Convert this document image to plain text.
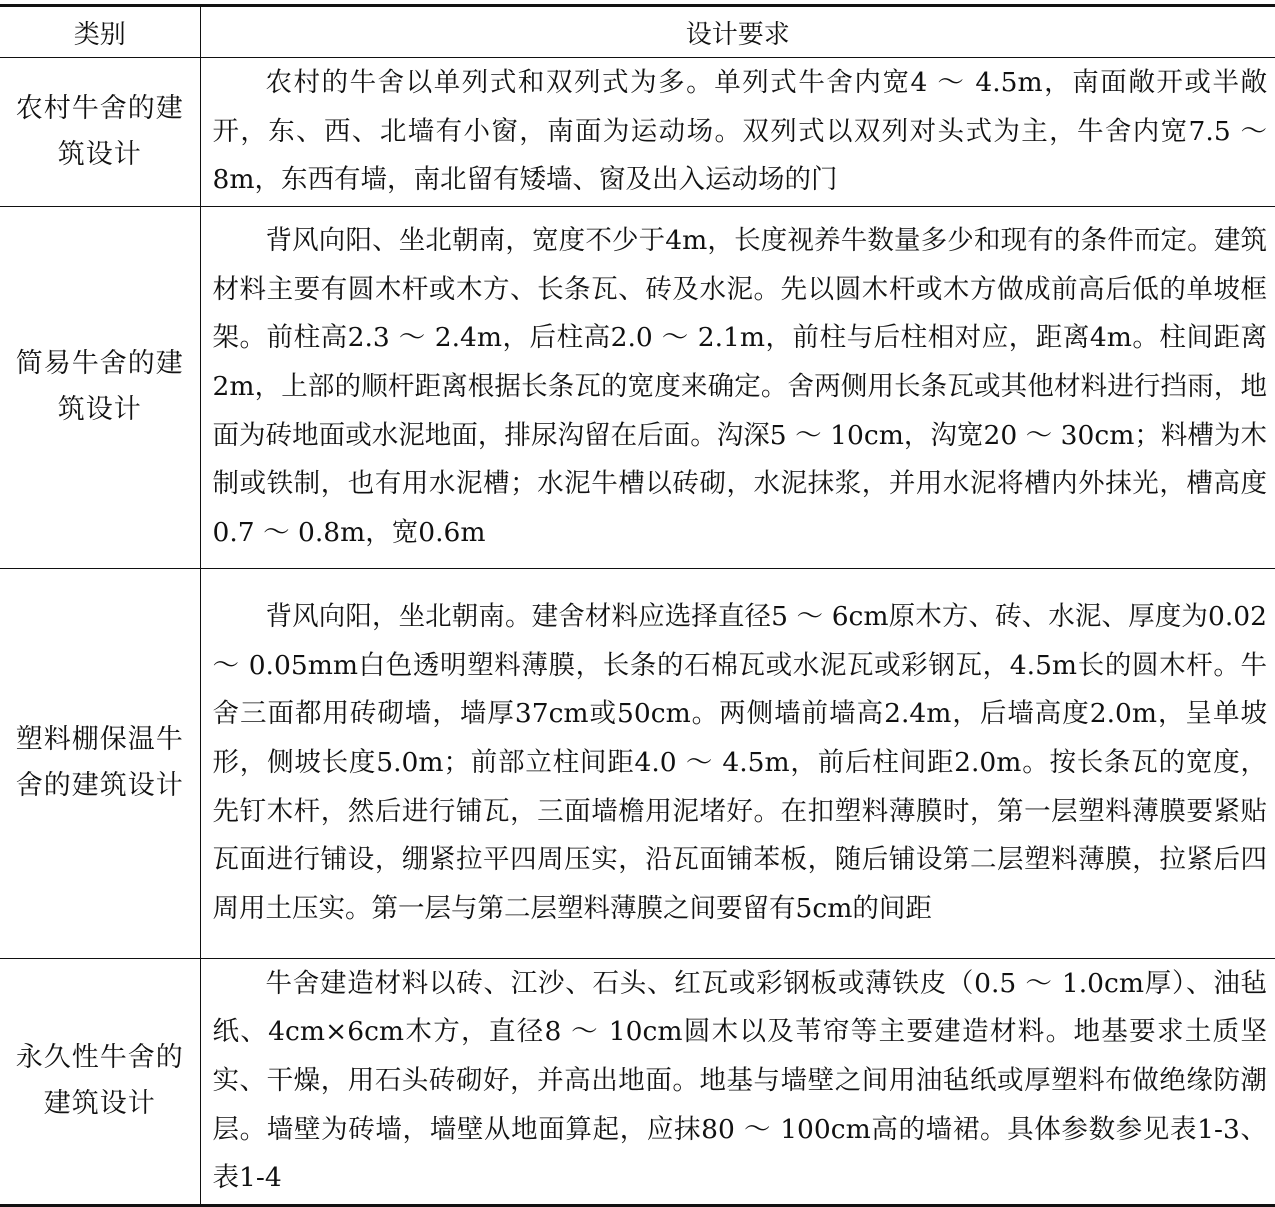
类别	设计要求
农村牛舍的建筑设计	农村的牛舍以单列式和双列式为多。单列式牛舍内宽4 ～ 4.5m，南面敞开或半敞开，东、西、北墙有小窗，南面为运动场。双列式以双列对头式为主，牛舍内宽7.5 ～ 8m，东西有墙，南北留有矮墙、窗及出入运动场的门
简易牛舍的建筑设计	背风向阳、坐北朝南，宽度不少于4m，长度视养牛数量多少和现有的条件而定。建筑材料主要有圆木杆或木方、长条瓦、砖及水泥。先以圆木杆或木方做成前高后低的单坡框架。前柱高2.3 ～ 2.4m，后柱高2.0 ～ 2.1m，前柱与后柱相对应，距离4m。柱间距离2m，上部的顺杆距离根据长条瓦的宽度来确定。舍两侧用长条瓦或其他材料进行挡雨，地面为砖地面或水泥地面，排尿沟留在后面。沟深5 ～ 10cm，沟宽20 ～ 30cm；料槽为木制或铁制，也有用水泥槽；水泥牛槽以砖砌，水泥抹浆，并用水泥将槽内外抹光，槽高度0.7 ～ 0.8m，宽0.6m
塑料棚保温牛舍的建筑设计	背风向阳，坐北朝南。建舍材料应选择直径5 ～ 6cm原木方、砖、水泥、厚度为0.02 ～ 0.05mm白色透明塑料薄膜，长条的石棉瓦或水泥瓦或彩钢瓦，4.5m长的圆木杆。牛舍三面都用砖砌墙，墙厚37cm或50cm。两侧墙前墙高2.4m，后墙高度2.0m，呈单坡形，侧坡长度5.0m；前部立柱间距4.0 ～ 4.5m，前后柱间距2.0m。按长条瓦的宽度，先钉木杆，然后进行铺瓦，三面墙檐用泥堵好。在扣塑料薄膜时，第一层塑料薄膜要紧贴瓦面进行铺设，绷紧拉平四周压实，沿瓦面铺苯板，随后铺设第二层塑料薄膜，拉紧后四周用土压实。第一层与第二层塑料薄膜之间要留有5cm的间距
永久性牛舍的建筑设计	牛舍建造材料以砖、江沙、石头、红瓦或彩钢板或薄铁皮（0.5 ～ 1.0cm厚）、油毡纸、4cm×6cm木方，直径8 ～ 10cm圆木以及苇帘等主要建造材料。地基要求土质坚实、干燥，用石头砖砌好，并高出地面。地基与墙壁之间用油毡纸或厚塑料布做绝缘防潮层。墙壁为砖墙，墙壁从地面算起，应抹80 ～ 100cm高的墙裙。具体参数参见表1-3、表1-4
